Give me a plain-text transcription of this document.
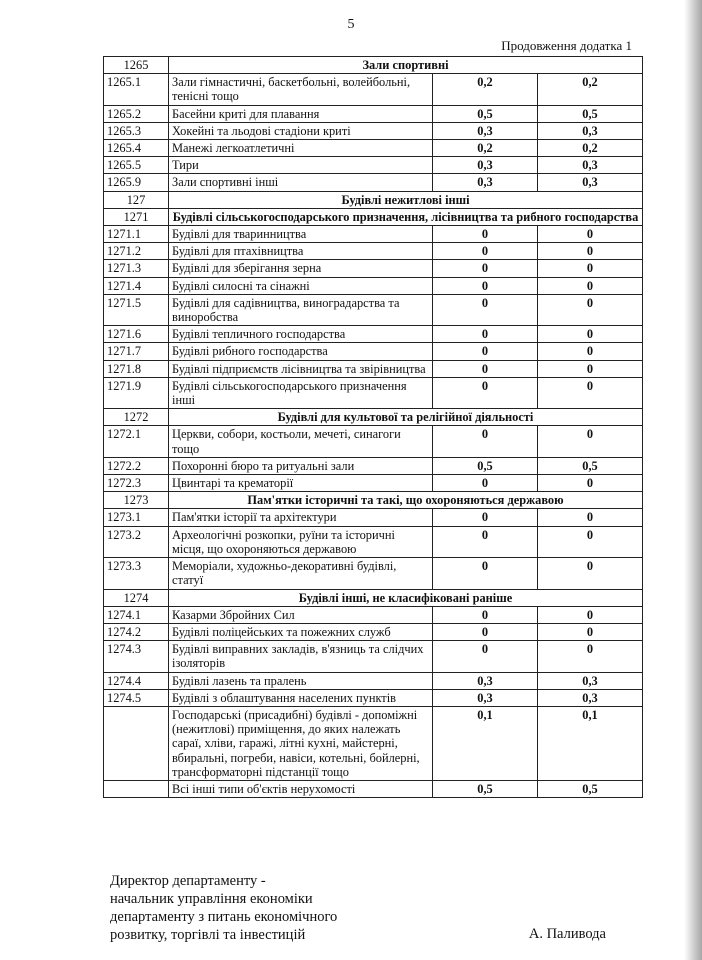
5
Продовження додатка 1
1265	Зали спортивні		
1265.1	Зали гімнастичні, баскетбольні, волейбольні, тенісні тощо	0,2	0,2
1265.2	Басейни криті для плавання	0,5	0,5
1265.3	Хокейні та льодові стадіони криті	0,3	0,3
1265.4	Манежі легкоатлетичні	0,2	0,2
1265.5	Тири	0,3	0,3
1265.9	Зали спортивні інші	0,3	0,3
127	Будівлі нежитлові інші		
1271	Будівлі сільськогосподарського призначення, лісівництва та рибного господарства		
1271.1	Будівлі для тваринництва	0	0
1271.2	Будівлі для птахівництва	0	0
1271.3	Будівлі для зберігання зерна	0	0
1271.4	Будівлі силосні та сінажні	0	0
1271.5	Будівлі для садівництва, виноградарства та виноробства	0	0
1271.6	Будівлі тепличного господарства	0	0
1271.7	Будівлі рибного господарства	0	0
1271.8	Будівлі підприємств лісівництва та звірівництва	0	0
1271.9	Будівлі сільськогосподарського призначення інші	0	0
1272	Будівлі для культової та релігійної діяльності		
1272.1	Церкви, собори, костьоли, мечеті, синагоги тощо	0	0
1272.2	Похоронні бюро та ритуальні зали	0,5	0,5
1272.3	Цвинтарі та крематорії	0	0
1273	Пам'ятки історичні та такі, що охороняються державою		
1273.1	Пам'ятки історії та архітектури	0	0
1273.2	Археологічні розкопки, руїни та історичні місця, що охороняються державою	0	0
1273.3	Меморіали, художньо-декоративні будівлі, статуї	0	0
1274	Будівлі інші, не класифіковані раніше		
1274.1	Казарми Збройних Сил	0	0
1274.2	Будівлі поліцейських та пожежних служб	0	0
1274.3	Будівлі виправних закладів, в'язниць та слідчих ізоляторів	0	0
1274.4	Будівлі лазень та пралень	0,3	0,3
1274.5	Будівлі з облаштування населених пунктів	0,3	0,3
	Господарські (присадибні) будівлі - допоміжні (нежитлові) приміщення, до яких належать сараї, хліви, гаражі, літні кухні, майстерні, вбиральні, погреби, навіси, котельні, бойлерні, трансформаторні підстанції тощо	0,1	0,1
	Всі інші типи об'єктів нерухомості	0,5	0,5
Директор департаменту -
начальник управління економіки
департаменту з питань економічного
розвитку, торгівлі та інвестицій	А. Паливода
